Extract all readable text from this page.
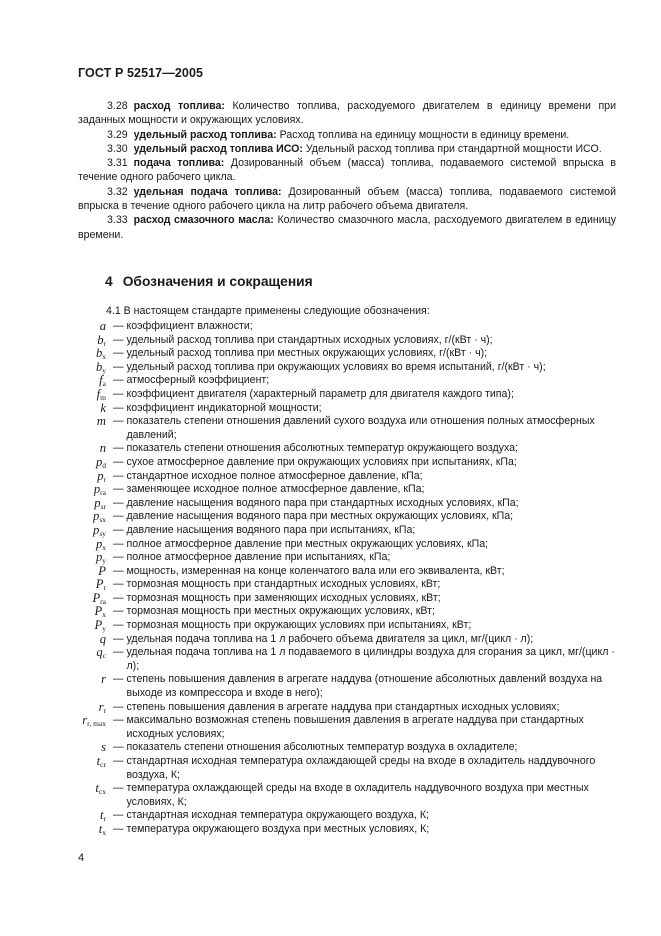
ГОСТ Р 52517—2005

3.28 расход топлива: Количество топлива, расходуемого двигателем в единицу времени при заданных мощности и окружающих условиях.

3.29 удельный расход топлива: Расход топлива на единицу мощности в единицу времени.

3.30 удельный расход топлива ИСО: Удельный расход топлива при стандартной мощности ИСО.

3.31 подача топлива: Дозированный объем (масса) топлива, подаваемого системой впрыска в течение одного рабочего цикла.

3.32 удельная подача топлива: Дозированный объем (масса) топлива, подаваемого системой впрыска в течение одного рабочего цикла на литр рабочего объема двигателя.

3.33 расход смазочного масла: Количество смазочного масла, расходуемого двигателем в единицу времени.

4 Обозначения и сокращения
4.1 В настоящем стандарте применены следующие обозначения:
a — коэффициент влажности;
$b_r$ — удельный расход топлива при стандартных исходных условиях, г/(кВт · ч);
$b_x$ — удельный расход топлива при местных окружающих условиях, г/(кВт · ч);
$b_y$ — удельный расход топлива при окружающих условиях во время испытаний, г/(кВт · ч);
$f_a$ — атмосферный коэффициент;
$f_m$ — коэффициент двигателя (характерный параметр для двигателя каждого типа);
k — коэффициент индикаторной мощности;
m — показатель степени отношения давлений сухого воздуха или отношения полных атмосферных давлений;
n — показатель степени отношения абсолютных температур окружающего воздуха;
$p_d$ — сухое атмосферное давление при окружающих условиях при испытаниях, кПа;
$p_r$ — стандартное исходное полное атмосферное давление, кПа;
$p_{ra}$ — заменяющее исходное полное атмосферное давление, кПа;
$p_{sr}$ — давление насыщения водяного пара при стандартных исходных условиях, кПа;
$p_{sx}$ — давление насыщения водяного пара при местных окружающих условиях, кПа;
$p_{sy}$ — давление насыщения водяного пара при испытаниях, кПа;
$p_x$ — полное атмосферное давление при местных окружающих условиях, кПа;
$p_y$ — полное атмосферное давление при испытаниях, кПа;
P — мощность, измеренная на конце коленчатого вала или его эквивалента, кВт;
$P_r$ — тормозная мощность при стандартных исходных условиях, кВт;
$P_{ra}$ — тормозная мощность при заменяющих исходных условиях, кВт;
$P_x$ — тормозная мощность при местных окружающих условиях, кВт;
$P_y$ — тормозная мощность при окружающих условиях при испытаниях, кВт;
q — удельная подача топлива на 1 л рабочего объема двигателя за цикл, мг/(цикл · л);
$q_c$ — удельная подача топлива на 1 л подаваемого в цилиндры воздуха для сгорания за цикл, мг/(цикл · л);
r — степень повышения давления в агрегате наддува (отношение абсолютных давлений воздуха на выходе из компрессора и входе в него);
$r_r$ — степень повышения давления в агрегате наддува при стандартных исходных условиях;
$r_{r, max}$ — максимально возможная степень повышения давления в агрегате наддува при стандартных исходных условиях;
s — показатель степени отношения абсолютных температур воздуха в охладителе;
$t_{cr}$ — стандартная исходная температура охлаждающей среды на входе в охладитель наддувочного воздуха, К;
$t_{cx}$ — температура охлаждающей среды на входе в охладитель наддувочного воздуха при местных условиях, К;
$t_r$ — стандартная исходная температура окружающего воздуха, К;
$t_x$ — температура окружающего воздуха при местных условиях, К;
4
